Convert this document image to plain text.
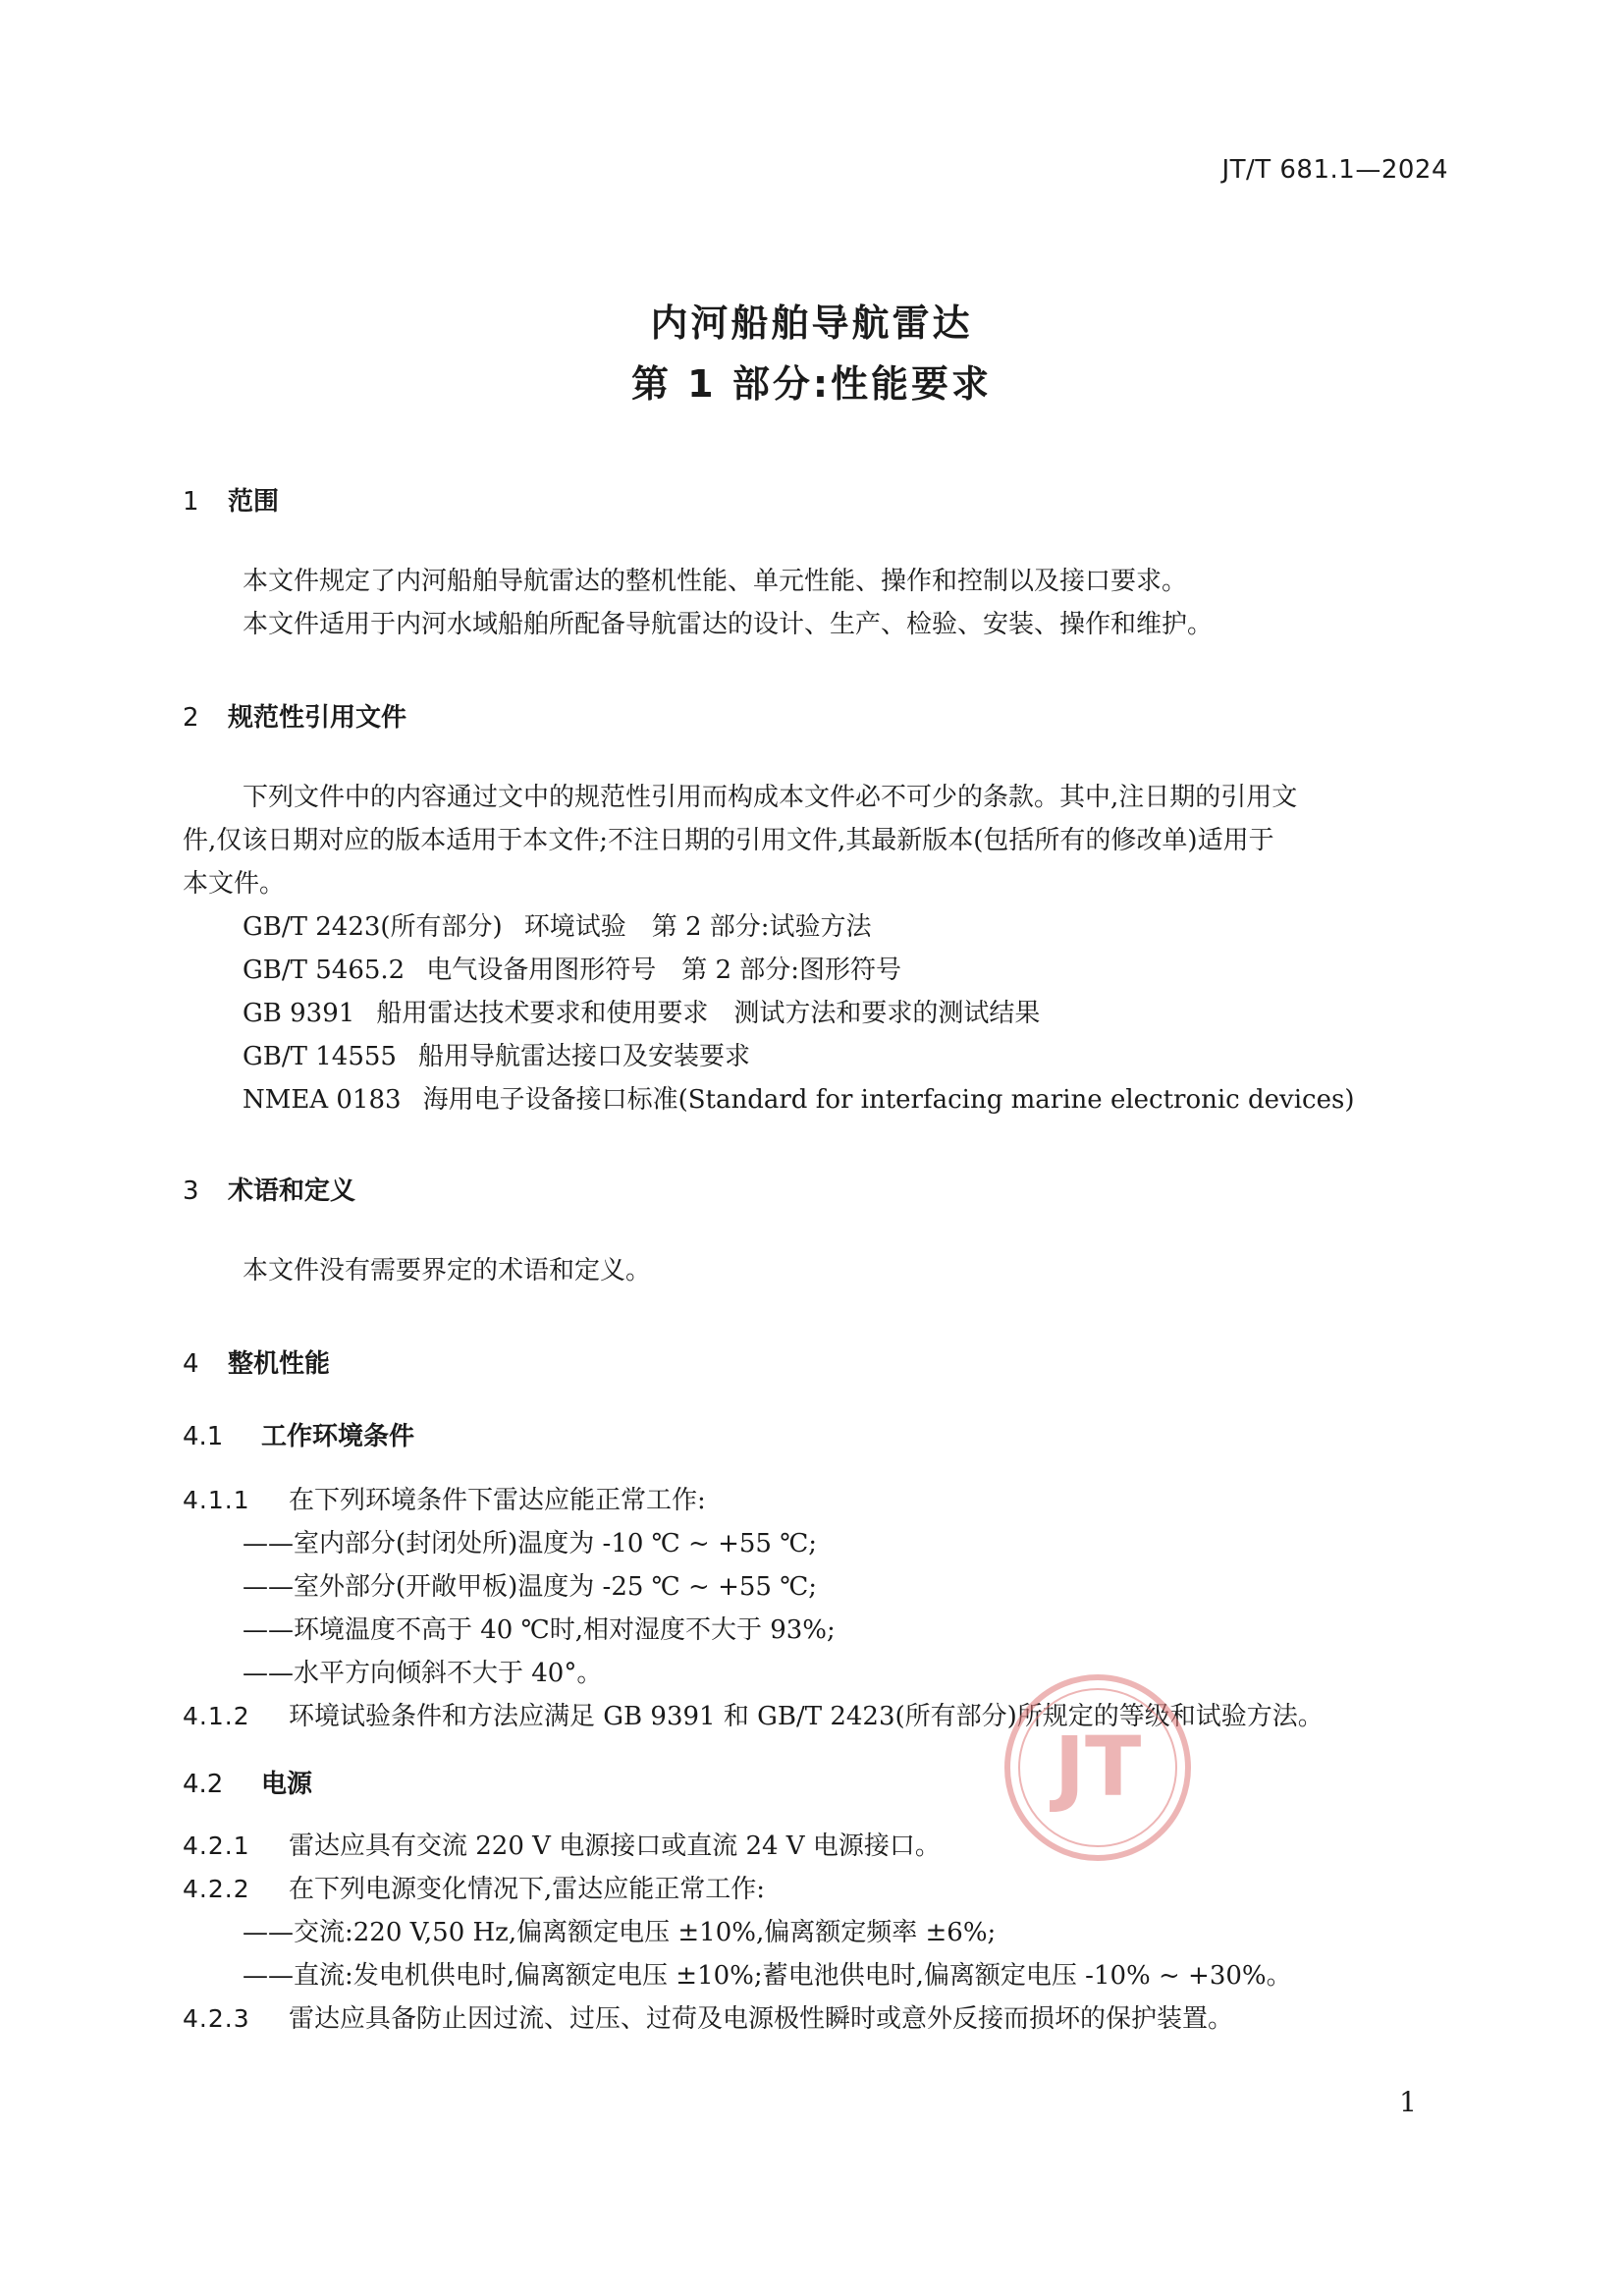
JT/T 681.1—2024
内河船舶导航雷达
第 1 部分:性能要求
1 范围
本文件规定了内河船舶导航雷达的整机性能、单元性能、操作和控制以及接口要求。
本文件适用于内河水域船舶所配备导航雷达的设计、生产、检验、安装、操作和维护。
2 规范性引用文件
下列文件中的内容通过文中的规范性引用而构成本文件必不可少的条款。其中,注日期的引用文
件,仅该日期对应的版本适用于本文件;不注日期的引用文件,其最新版本(包括所有的修改单)适用于
本文件。
GB/T 2423(所有部分) 环境试验　第 2 部分:试验方法
GB/T 5465.2 电气设备用图形符号　第 2 部分:图形符号
GB 9391 船用雷达技术要求和使用要求　测试方法和要求的测试结果
GB/T 14555 船用导航雷达接口及安装要求
NMEA 0183 海用电子设备接口标准(Standard for interfacing marine electronic devices)
3 术语和定义
本文件没有需要界定的术语和定义。
4 整机性能
4.1 工作环境条件
4.1.1 在下列环境条件下雷达应能正常工作:
——室内部分(封闭处所)温度为 -10 ℃ ~ +55 ℃;
——室外部分(开敞甲板)温度为 -25 ℃ ~ +55 ℃;
——环境温度不高于 40 ℃时,相对湿度不大于 93%;
——水平方向倾斜不大于 40°。
4.1.2 环境试验条件和方法应满足 GB 9391 和 GB/T 2423(所有部分)所规定的等级和试验方法。
4.2 电源
4.2.1 雷达应具有交流 220 V 电源接口或直流 24 V 电源接口。
4.2.2 在下列电源变化情况下,雷达应能正常工作:
——交流:220 V,50 Hz,偏离额定电压 ±10%,偏离额定频率 ±6%;
——直流:发电机供电时,偏离额定电压 ±10%;蓄电池供电时,偏离额定电压 -10% ~ +30%。
4.2.3 雷达应具备防止因过流、过压、过荷及电源极性瞬时或意外反接而损坏的保护装置。
1
JT
